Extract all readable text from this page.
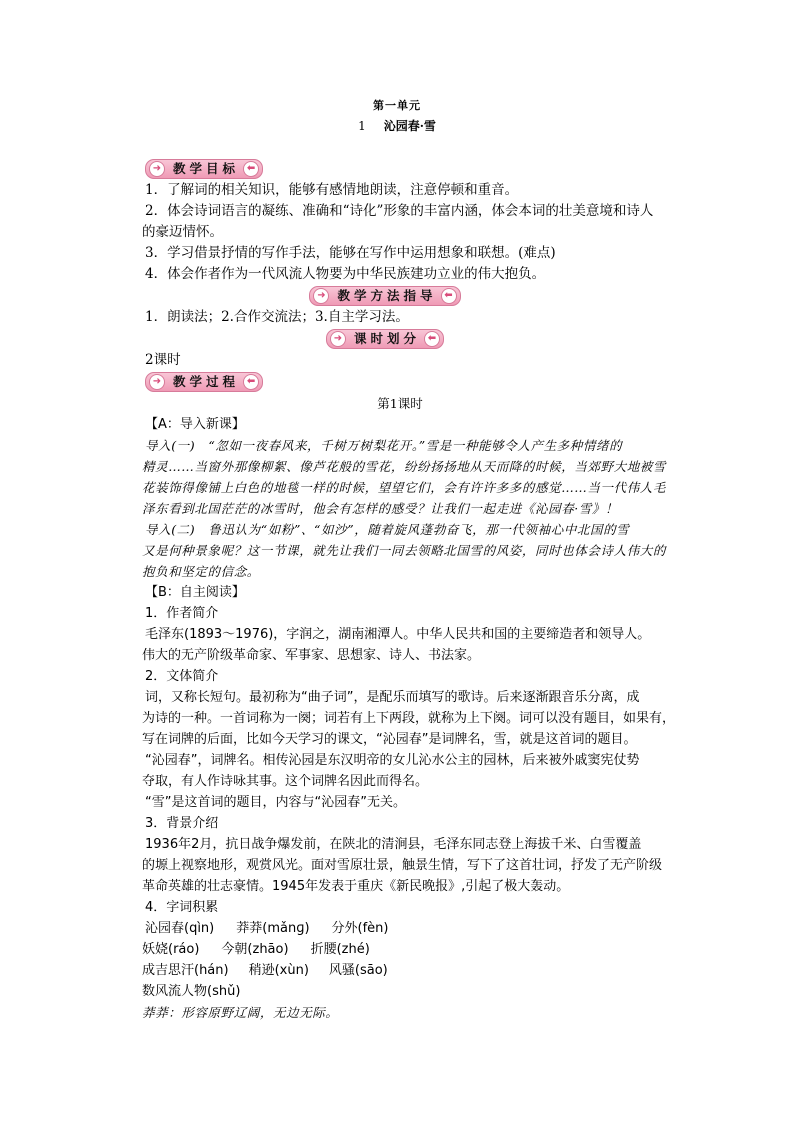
第一单元
1 沁园春·雪
➜ 教学目标 ⬅
1．了解词的相关知识，能够有感情地朗读，注意停顿和重音。
2．体会诗词语言的凝练、准确和“诗化”形象的丰富内涵，体会本词的壮美意境和诗人
的豪迈情怀。
3．学习借景抒情的写作手法，能够在写作中运用想象和联想。(难点)
4．体会作者作为一代风流人物要为中华民族建功立业的伟大抱负。
➜ 教学方法指导 ⬅
1．朗读法；2.合作交流法；3.自主学习法。
➜ 课时划分 ⬅
2课时
➜ 教学过程 ⬅
第1课时
【A：导入新课】
导入(一)　“忽如一夜春风来，千树万树梨花开。”雪是一种能够令人产生多种情绪的
精灵……当窗外那像柳絮、像芦花般的雪花，纷纷扬扬地从天而降的时候，当郊野大地被雪
花装饰得像铺上白色的地毯一样的时候，望望它们，会有许许多多的感觉……当一代伟人毛
泽东看到北国茫茫的冰雪时，他会有怎样的感受？让我们一起走进《沁园春·雪》！
导入(二)　鲁迅认为“如粉”、“如沙”，随着旋风蓬勃奋飞，那一代领袖心中北国的雪
又是何种景象呢？这一节课，就先让我们一同去领略北国雪的风姿，同时也体会诗人伟大的
抱负和坚定的信念。
【B：自主阅读】
1．作者简介
毛泽东(1893～1976)，字润之，湖南湘潭人。中华人民共和国的主要缔造者和领导人。
伟大的无产阶级革命家、军事家、思想家、诗人、书法家。
2．文体简介
词，又称长短句。最初称为“曲子词”，是配乐而填写的歌诗。后来逐渐跟音乐分离，成
为诗的一种。一首词称为一阕；词若有上下两段，就称为上下阕。词可以没有题目，如果有，
写在词牌的后面，比如今天学习的课文，“沁园春”是词牌名，雪，就是这首词的题目。
“沁园春”，词牌名。相传沁园是东汉明帝的女儿沁水公主的园林，后来被外戚窦宪仗势
夺取，有人作诗咏其事。这个词牌名因此而得名。
“雪”是这首词的题目，内容与“沁园春”无关。
3．背景介绍
1936年2月，抗日战争爆发前，在陕北的清涧县，毛泽东同志登上海拔千米、白雪覆盖
的塬上视察地形，观赏风光。面对雪原壮景，触景生情，写下了这首壮词，抒发了无产阶级
革命英雄的壮志豪情。1945年发表于重庆《新民晚报》,引起了极大轰动。
4．字词积累
沁园春(qìn) 莽莽(mǎnɡ) 分外(fèn)
妖娆(ráo) 今朝(zhāo) 折腰(zhé)
成吉思汗(hán) 稍逊(xùn) 风骚(sāo)
数风流人物(shǔ)
莽莽：形容原野辽阔，无边无际。
